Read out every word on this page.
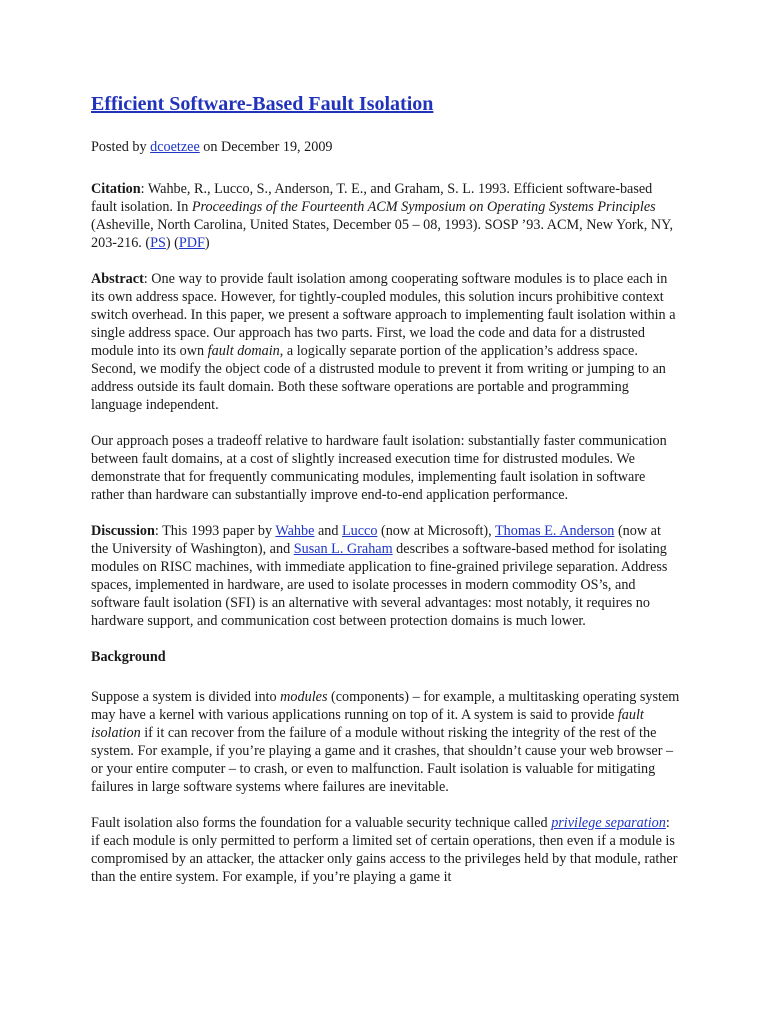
Efficient Software-Based Fault Isolation

Posted by dcoetzee on December 19, 2009

Citation: Wahbe, R., Lucco, S., Anderson, T. E., and Graham, S. L. 1993. Efficient software-based fault isolation. In Proceedings of the Fourteenth ACM Symposium on Operating Systems Principles (Asheville, North Carolina, United States, December 05 – 08, 1993). SOSP ’93. ACM, New York, NY, 203-216. (PS) (PDF)

Abstract: One way to provide fault isolation among cooperating software modules is to place each in its own address space. However, for tightly-coupled modules, this solution incurs prohibitive context switch overhead. In this paper, we present a software approach to implementing fault isolation within a single address space. Our approach has two parts. First, we load the code and data for a distrusted module into its own fault domain, a logically separate portion of the application’s address space. Second, we modify the object code of a distrusted module to prevent it from writing or jumping to an address outside its fault domain. Both these software operations are portable and programming language independent.

Our approach poses a tradeoff relative to hardware fault isolation: substantially faster communication between fault domains, at a cost of slightly increased execution time for distrusted modules. We demonstrate that for frequently communicating modules, implementing fault isolation in software rather than hardware can substantially improve end-to-end application performance.

Discussion: This 1993 paper by Wahbe and Lucco (now at Microsoft), Thomas E. Anderson (now at the University of Washington), and Susan L. Graham describes a software-based method for isolating modules on RISC machines, with immediate application to fine-grained privilege separation. Address spaces, implemented in hardware, are used to isolate processes in modern commodity OS’s, and software fault isolation (SFI) is an alternative with several advantages: most notably, it requires no hardware support, and communication cost between protection domains is much lower.

Background

Suppose a system is divided into modules (components) – for example, a multitasking operating system may have a kernel with various applications running on top of it. A system is said to provide fault isolation if it can recover from the failure of a module without risking the integrity of the rest of the system. For example, if you’re playing a game and it crashes, that shouldn’t cause your web browser – or your entire computer – to crash, or even to malfunction. Fault isolation is valuable for mitigating failures in large software systems where failures are inevitable.

Fault isolation also forms the foundation for a valuable security technique called privilege separation: if each module is only permitted to perform a limited set of certain operations, then even if a module is compromised by an attacker, the attacker only gains access to the privileges held by that module, rather than the entire system. For example, if you’re playing a game it
